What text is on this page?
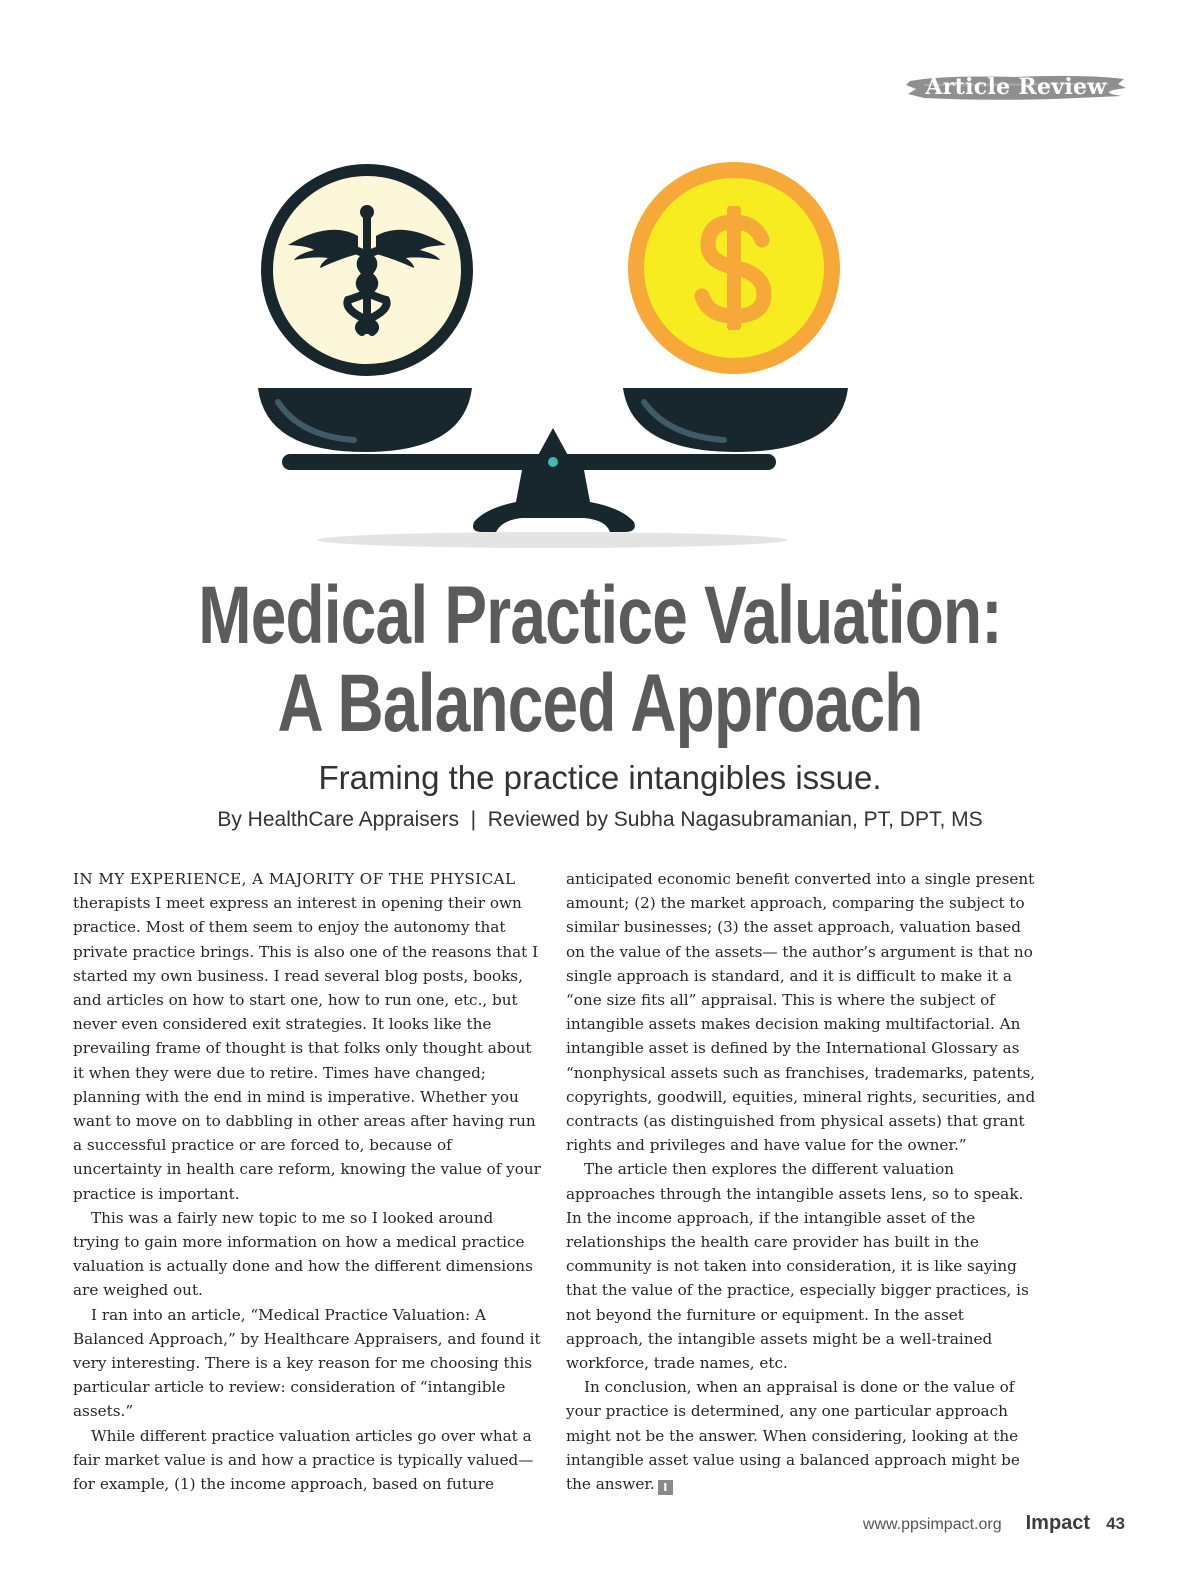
Article Review
Medical Practice Valuation:
A Balanced Approach
Framing the practice intangibles issue.
By HealthCare Appraisers  |  Reviewed by Subha Nagasubramanian, PT, DPT, MS

IN MY EXPERIENCE, A MAJORITY OF THE PHYSICAL therapists I meet express an interest in opening their own practice. Most of them seem to enjoy the autonomy that private practice brings. This is also one of the reasons that I started my own business. I read several blog posts, books, and articles on how to start one, how to run one, etc., but never even considered exit strategies. It looks like the prevailing frame of thought is that folks only thought about it when they were due to retire. Times have changed; planning with the end in mind is imperative. Whether you want to move on to dabbling in other areas after having run a successful practice or are forced to, because of uncertainty in health care reform, knowing the value of your practice is important.

This was a fairly new topic to me so I looked around trying to gain more information on how a medical practice valuation is actually done and how the different dimensions are weighed out.

I ran into an article, “Medical Practice Valuation: A Balanced Approach,” by Healthcare Appraisers, and found it very interesting. There is a key reason for me choosing this particular article to review: consideration of “intangible assets.”

While different practice valuation articles go over what a fair market value is and how a practice is typically valued—for example, (1) the income approach, based on future

anticipated economic benefit converted into a single present amount; (2) the market approach, comparing the subject to similar businesses; (3) the asset approach, valuation based on the value of the assets— the author’s argument is that no single approach is standard, and it is difficult to make it a “one size fits all” appraisal. This is where the subject of intangible assets makes decision making multifactorial. An intangible asset is defined by the International Glossary as “nonphysical assets such as franchises, trademarks, patents, copyrights, goodwill, equities, mineral rights, securities, and contracts (as distinguished from physical assets) that grant rights and privileges and have value for the owner.”

The article then explores the different valuation approaches through the intangible assets lens, so to speak. In the income approach, if the intangible asset of the relationships the health care provider has built in the community is not taken into consideration, it is like saying that the value of the practice, especially bigger practices, is not beyond the furniture or equipment. In the asset approach, the intangible assets might be a well-trained workforce, trade names, etc.

In conclusion, when an appraisal is done or the value of your practice is determined, any one particular approach might not be the answer. When considering, looking at the intangible asset value using a balanced approach might be the answer. I

www.ppsimpact.org Impact 43
